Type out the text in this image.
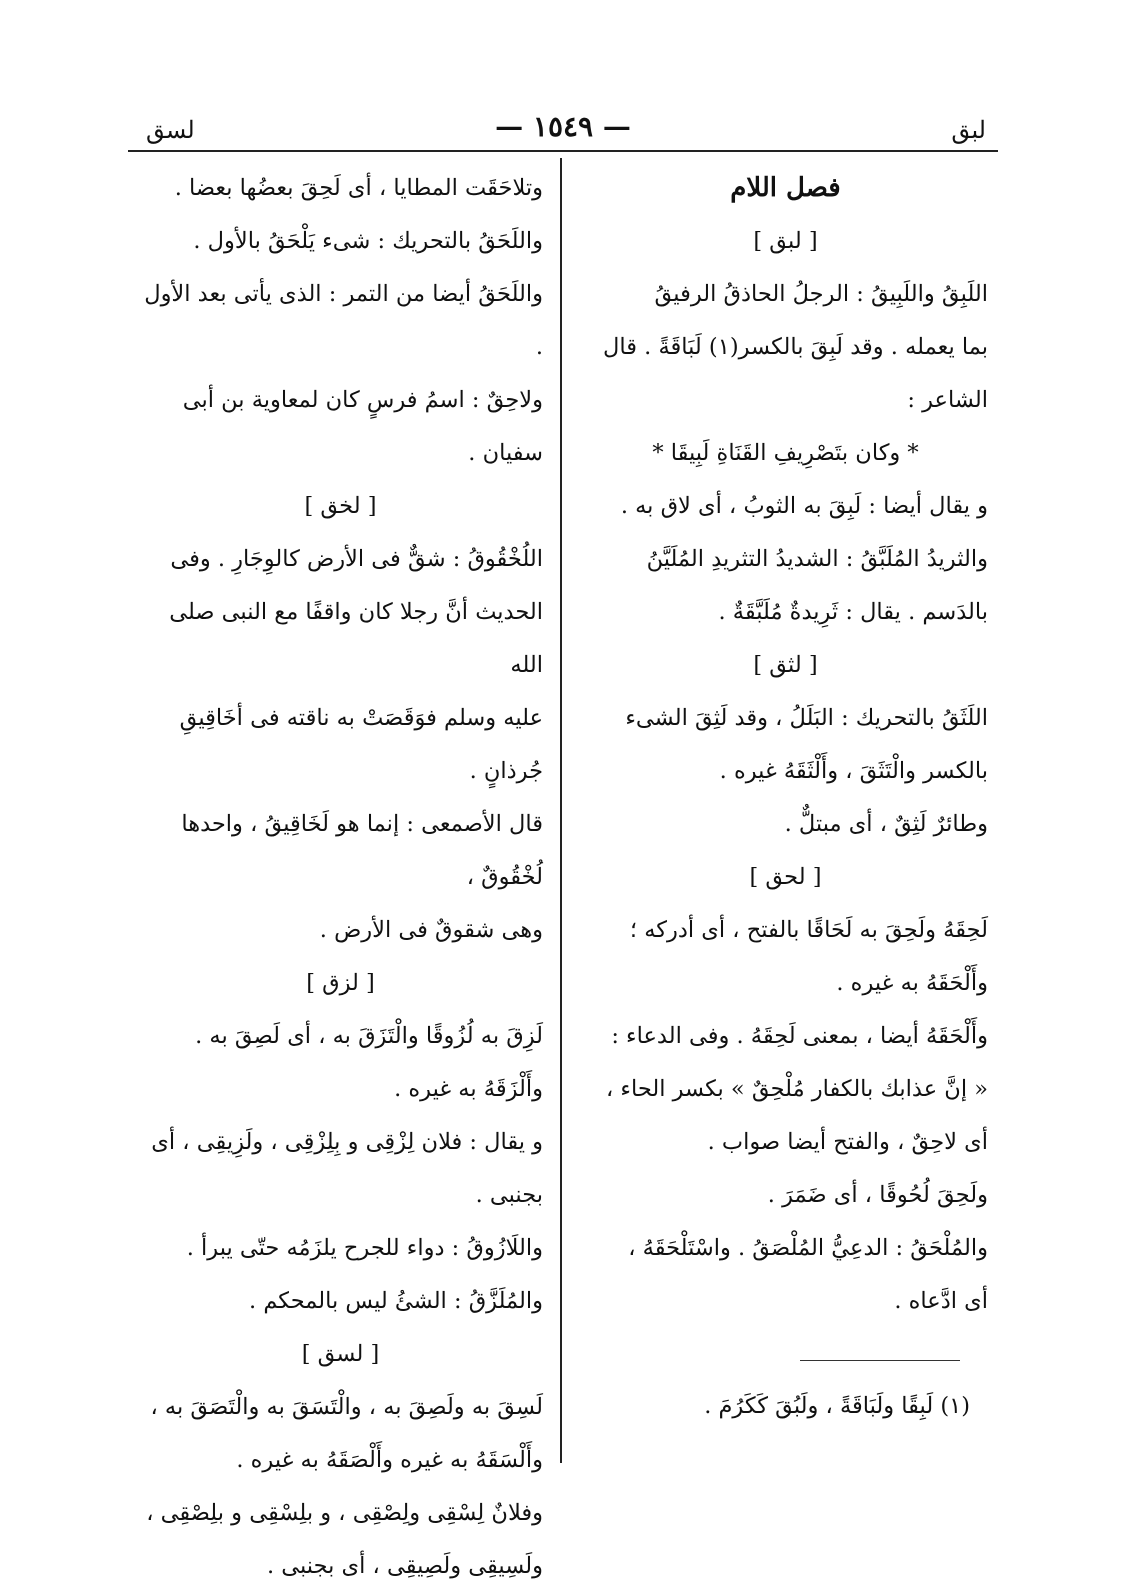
لسق	— ١٥٤٩ —	لبق
فصل اللام
[ لبق ]
اللَبِقُ واللَبِيقُ : الرجلُ الحاذقُ الرفيقُ
بما يعمله . وقد لَبِقَ بالكسر(١) لَبَاقَةً . قال
الشاعر :
* وكان بتَصْرِيفِ القَنَاةِ لَبِيقَا *
و يقال أيضا : لَبِقَ به الثوبُ ، أى لاق به .
والثريدُ المُلَبَّقُ : الشديدُ التثريدِ المُلَيَّنُ
بالدَسم . يقال : ثَرِيدةٌ مُلَبَّقَةٌ .
[ لثق ]
اللَثَقُ بالتحريك : البَلَلُ ، وقد لَثِقَ الشىء
بالكسر والْتَثَقَ ، وأَلْثَقَهُ غيره .
وطائرٌ لَثِقٌ ، أى مبتلٌّ .
[ لحق ]
لَحِقَهُ ولَحِقَ به لَحَاقًا بالفتح ، أى أدركه ؛
وأَلْحَقَهُ به غيره .
وأَلْحَقَهُ أيضا ، بمعنى لَحِقَهُ . وفى الدعاء :
« إنَّ عذابك بالكفار مُلْحِقٌ » بكسر الحاء ،
أى لاحِقٌ ، والفتح أيضا صواب .
ولَحِقَ لُحُوقًا ، أى ضَمَرَ .
والمُلْحَقُ : الدعِيُّ المُلْصَقُ . واسْتَلْحَقَهُ ،
أى ادَّعاه .
وتلاحَقَت المطايا ، أى لَحِقَ بعضُها بعضا .
واللَحَقُ بالتحريك : شىء يَلْحَقُ بالأول .
واللَحَقُ أيضا من التمر : الذى يأتى بعد الأول .
ولاحِقٌ : اسمُ فرسٍ كان لمعاوية بن أبى
سفيان .
[ لخق ]
اللُخْقُوقُ : شقٌّ فى الأرض كالوِجَارِ . وفى
الحديث أنَّ رجلا كان واقفًا مع النبى صلى الله
عليه وسلم فوَقَصَتْ به ناقته فى أخَاقِيقِ جُرذانٍ .
قال الأصمعى : إنما هو لَخَاقِيقُ ، واحدها لُخْقُوقٌ ،
وهى شقوقٌ فى الأرض .
[ لزق ]
لَزِقَ به لُزُوقًا والْتَزَقَ به ، أى لَصِقَ به .
وأَلْزَقَهُ به غيره .
و يقال : فلان لِزْقِى و بِلِزْقِى ، ولَزِيقِى ، أى
بجنبى .
واللَازُوقُ : دواء للجرح يلزَمُه حتّى يبرأ .
والمُلَزَّقُ : الشئُ ليس بالمحكم .
[ لسق ]
لَسِقَ به ولَصِقَ به ، والْتَسَقَ به والْتَصَقَ به ،
وأَلْسَقَهُ به غيره وأَلْصَقَهُ به غيره .
وفلانٌ لِسْقِى ولِصْقِى ، و بلِسْقِى و بلِصْقِى ،
ولَسِيقِى ولَصِيقِى ، أى بجنبى .
(١) لَبِقًا ولَبَاقَةً ، ولَبُقَ كَكَرُمَ .
